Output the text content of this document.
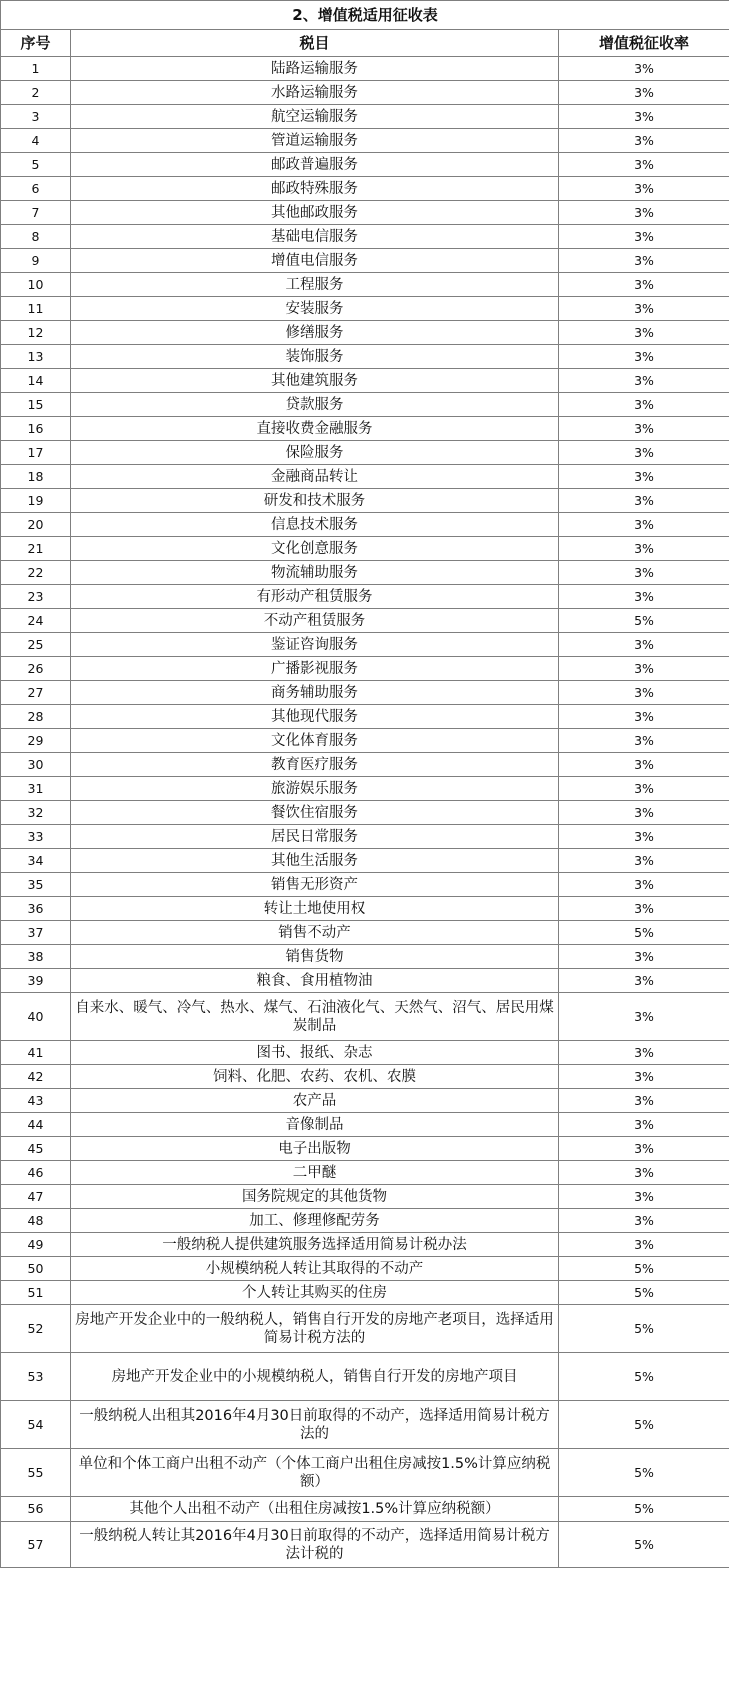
2、增值税适用征收表		
序号	税目	增值税征收率
1	陆路运输服务	3%
2	水路运输服务	3%
3	航空运输服务	3%
4	管道运输服务	3%
5	邮政普遍服务	3%
6	邮政特殊服务	3%
7	其他邮政服务	3%
8	基础电信服务	3%
9	增值电信服务	3%
10	工程服务	3%
11	安装服务	3%
12	修缮服务	3%
13	装饰服务	3%
14	其他建筑服务	3%
15	贷款服务	3%
16	直接收费金融服务	3%
17	保险服务	3%
18	金融商品转让	3%
19	研发和技术服务	3%
20	信息技术服务	3%
21	文化创意服务	3%
22	物流辅助服务	3%
23	有形动产租赁服务	3%
24	不动产租赁服务	5%
25	鉴证咨询服务	3%
26	广播影视服务	3%
27	商务辅助服务	3%
28	其他现代服务	3%
29	文化体育服务	3%
30	教育医疗服务	3%
31	旅游娱乐服务	3%
32	餐饮住宿服务	3%
33	居民日常服务	3%
34	其他生活服务	3%
35	销售无形资产	3%
36	转让土地使用权	3%
37	销售不动产	5%
38	销售货物	3%
39	粮食、食用植物油	3%
40	自来水、暖气、冷气、热水、煤气、石油液化气、天然气、沼气、居民用煤炭制品	3%
41	图书、报纸、杂志	3%
42	饲料、化肥、农药、农机、农膜	3%
43	农产品	3%
44	音像制品	3%
45	电子出版物	3%
46	二甲醚	3%
47	国务院规定的其他货物	3%
48	加工、修理修配劳务	3%
49	一般纳税人提供建筑服务选择适用简易计税办法	3%
50	小规模纳税人转让其取得的不动产	5%
51	个人转让其购买的住房	5%
52	房地产开发企业中的一般纳税人，销售自行开发的房地产老项目，选择适用简易计税方法的	5%
53	房地产开发企业中的小规模纳税人，销售自行开发的房地产项目	5%
54	一般纳税人出租其2016年4月30日前取得的不动产，选择适用简易计税方法的	5%
55	单位和个体工商户出租不动产（个体工商户出租住房减按1.5%计算应纳税额）	5%
56	其他个人出租不动产（出租住房减按1.5%计算应纳税额）	5%
57	一般纳税人转让其2016年4月30日前取得的不动产，选择适用简易计税方法计税的	5%
